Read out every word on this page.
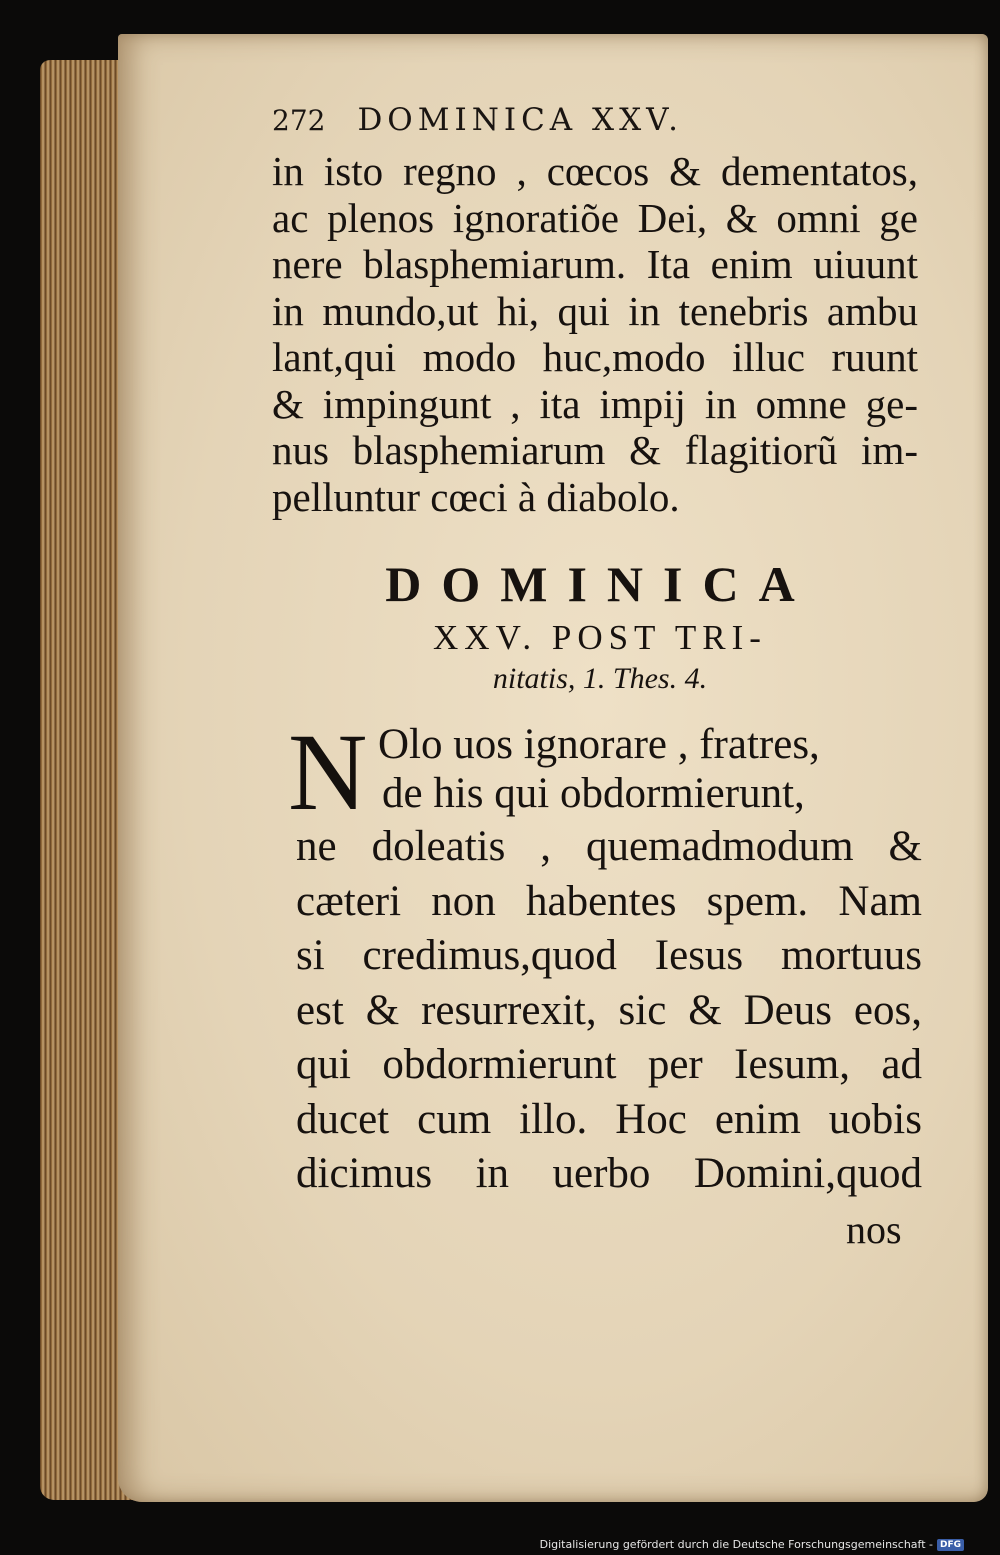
272 DOMINICA XXV.

in isto regno , cœcos & dementatos,

ac plenos ignoratiõe Dei, & omni ge

nere blasphemiarum. Ita enim uiuunt

in mundo,ut hi, qui in tenebris ambu

lant,qui modo huc,modo illuc ruunt

& impingunt , ita impij in omne ge-

nus blasphemiarum & flagitiorũ im-

pelluntur cœci à diabolo.

DOMINICA
XXV. POST TRI-
nitatis, 1. Thes. 4.
N Olo uos ignorare , fratres,

de his qui obdormierunt,

ne doleatis , quemadmodum &

cæteri non habentes spem. Nam

si credimus,quod Iesus mortuus

est & resurrexit, sic & Deus eos,

qui obdormierunt per Iesum, ad

ducet cum illo. Hoc enim uobis

dicimus in uerbo Domini,quod

nos
Digitalisierung gefördert durch die Deutsche Forschungsgemeinschaft - DFG
